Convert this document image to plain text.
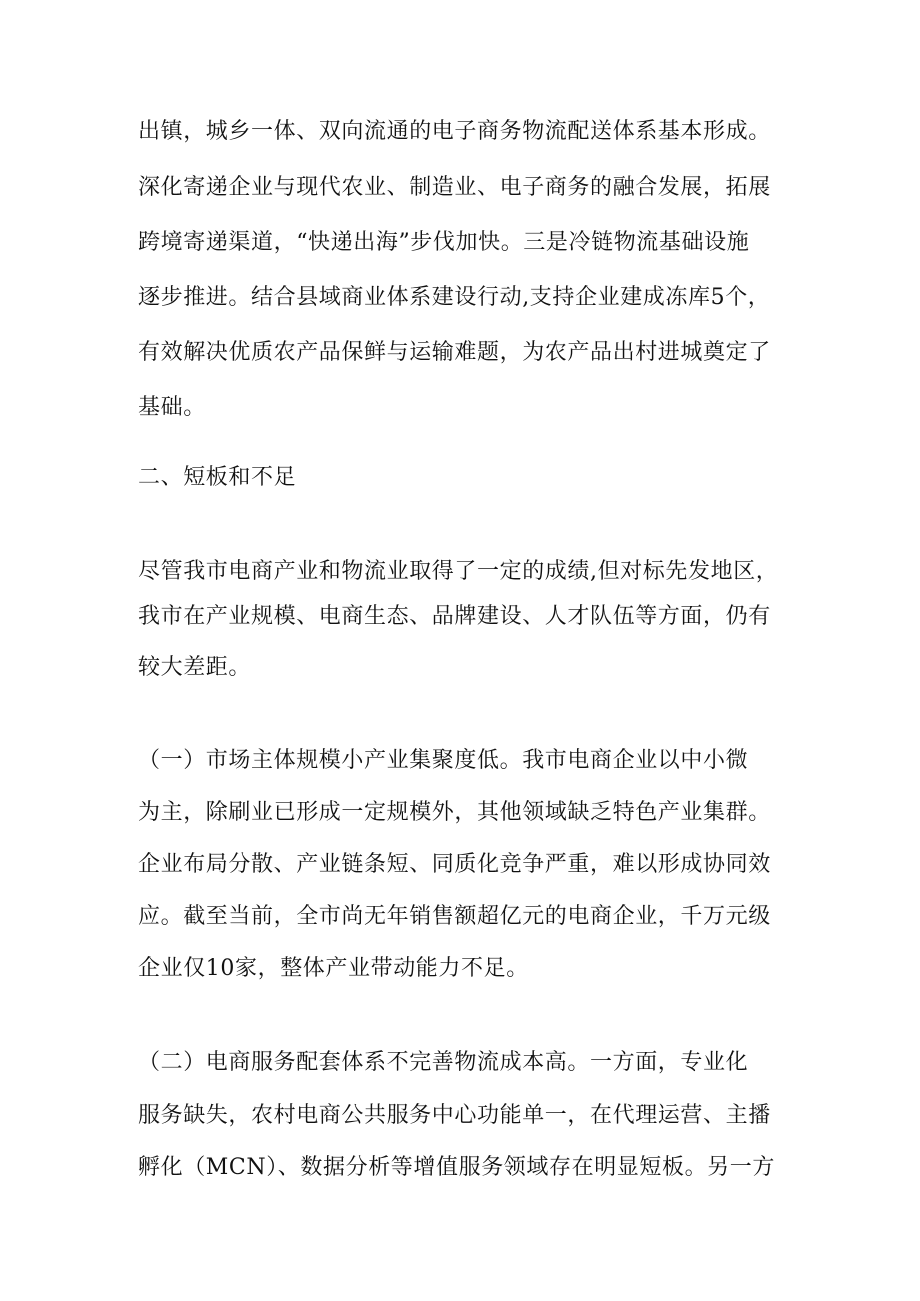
出镇，城乡一体、双向流通的电子商务物流配送体系基本形成。
深化寄递企业与现代农业、制造业、电子商务的融合发展，拓展
跨境寄递渠道，“快递出海”步伐加快。三是冷链物流基础设施
逐步推进。结合县域商业体系建设行动,支持企业建成冻库5个，
有效解决优质农产品保鲜与运输难题，为农产品出村进城奠定了
基础。
二、短板和不足
尽管我市电商产业和物流业取得了一定的成绩,但对标先发地区，
我市在产业规模、电商生态、品牌建设、人才队伍等方面，仍有
较大差距。
（一）市场主体规模小产业集聚度低。我市电商企业以中小微
为主，除刷业已形成一定规模外，其他领域缺乏特色产业集群。
企业布局分散、产业链条短、同质化竞争严重，难以形成协同效
应。截至当前，全市尚无年销售额超亿元的电商企业，千万元级
企业仅10家，整体产业带动能力不足。
（二）电商服务配套体系不完善物流成本高。一方面，专业化
服务缺失，农村电商公共服务中心功能单一，在代理运营、主播
孵化（MCN）、数据分析等增值服务领域存在明显短板。另一方
